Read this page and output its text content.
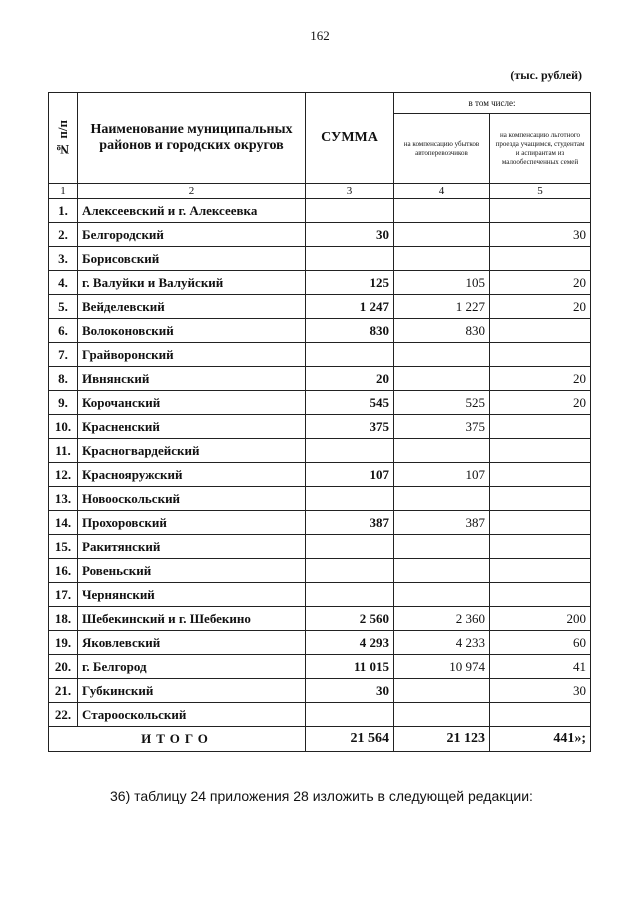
162
(тыс. рублей)
№ п/п	Наименование муниципальных районов и городских округов	СУММА	в том числе:	
			на компенсацию убытков автоперевозчиков	на компенсацию льготного проезда учащимся, студентам и аспирантам из малообеспеченных семей
1	2	3	4	5
1.	Алексеевский и г. Алексеевка			
2.	Белгородский	30		30
3.	Борисовский			
4.	г. Валуйки и Валуйский	125	105	20
5.	Вейделевский	1 247	1 227	20
6.	Волоконовский	830	830	
7.	Грайворонский			
8.	Ивнянский	20		20
9.	Корочанский	545	525	20
10.	Красненский	375	375	
11.	Красногвардейский			
12.	Краснояружский	107	107	
13.	Новооскольский			
14.	Прохоровский	387	387	
15.	Ракитянский			
16.	Ровеньский			
17.	Чернянский			
18.	Шебекинский и г. Шебекино	2 560	2 360	200
19.	Яковлевский	4 293	4 233	60
20.	г. Белгород	11 015	10 974	41
21.	Губкинский	30		30
22.	Старооскольский			
ИТОГО		21 564	21 123	441»;
36) таблицу 24 приложения 28 изложить в следующей редакции:
